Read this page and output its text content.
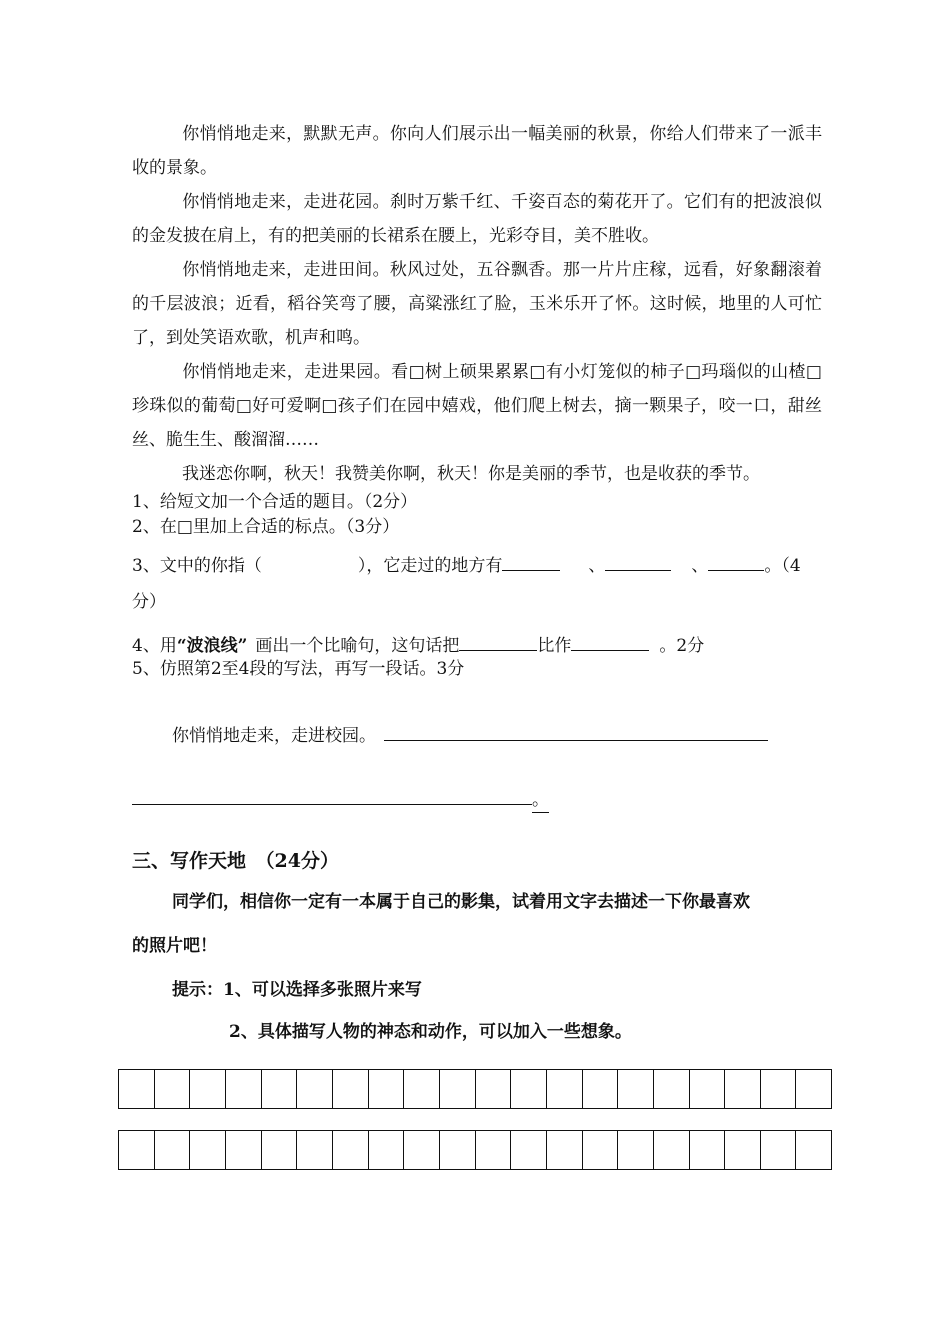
你悄悄地走来，默默无声。你向人们展示出一幅美丽的秋景，你给人们带来了一派丰收的景象。

你悄悄地走来，走进花园。刹时万紫千红、千姿百态的菊花开了。它们有的把波浪似的金发披在肩上，有的把美丽的长裙系在腰上，光彩夺目，美不胜收。

你悄悄地走来，走进田间。秋风过处，五谷飘香。那一片片庄稼，远看，好象翻滚着的千层波浪；近看，稻谷笑弯了腰，高粱涨红了脸，玉米乐开了怀。这时候，地里的人可忙了，到处笑语欢歌，机声和鸣。

你悄悄地走来，走进果园。看□树上硕果累累□有小灯笼似的柿子□玛瑙似的山楂□珍珠似的葡萄□好可爱啊□孩子们在园中嬉戏，他们爬上树去，摘一颗果子，咬一口，甜丝丝、脆生生、酸溜溜……

我迷恋你啊，秋天！我赞美你啊，秋天！你是美丽的季节，也是收获的季节。

1、给短文加一个合适的题目。（2分）
2、在□里加上合适的标点。（3分）
3、文中的你指（	），它走过的地方有	、	、	。（4
分）
4、用“波浪线” 画出一个比喻句，这句话把	比作	。2分
5、仿照第2至4段的写法，再写一段话。3分
你悄悄地走来，走进校园。
。
三、写作天地　（24分）
同学们，相信你一定有一本属于自己的影集，试着用文字去描述一下你最喜欢
的照片吧！
提示：1、可以选择多张照片来写
2、具体描写人物的神态和动作，可以加入一些想象。
